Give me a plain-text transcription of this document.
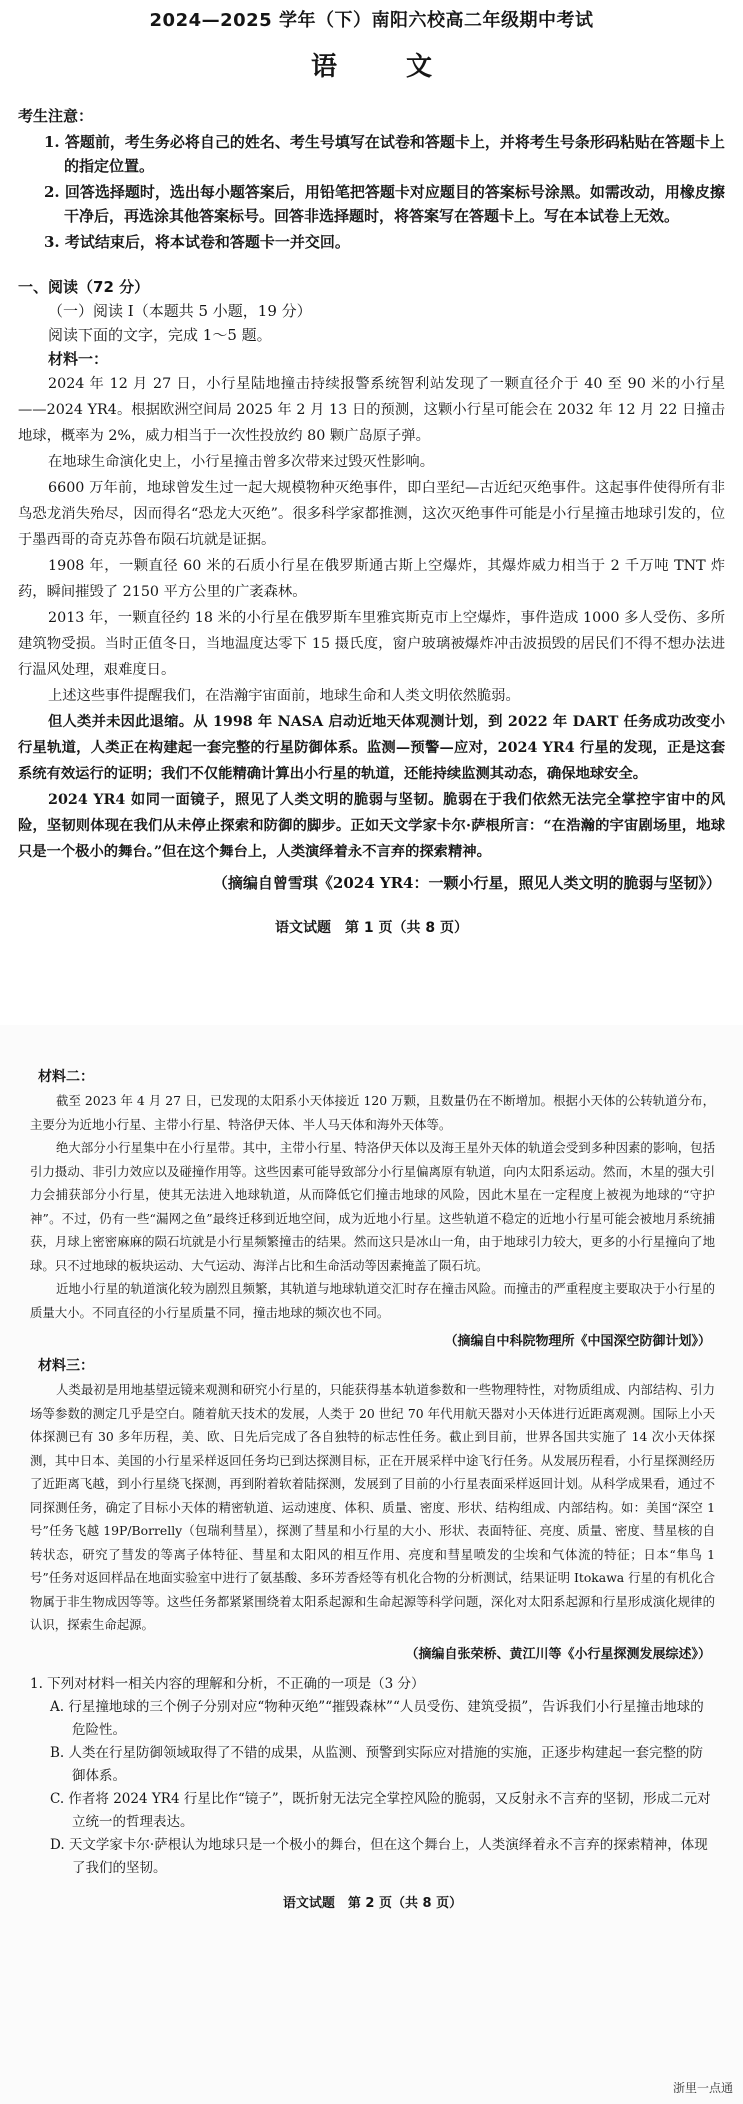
2024—2025 学年（下）南阳六校高二年级期中考试

语 文

考生注意：

1. 答题前，考生务必将自己的姓名、考生号填写在试卷和答题卡上，并将考生号条形码粘贴在答题卡上的指定位置。

2. 回答选择题时，选出每小题答案后，用铅笔把答题卡对应题目的答案标号涂黑。如需改动，用橡皮擦干净后，再选涂其他答案标号。回答非选择题时，将答案写在答题卡上。写在本试卷上无效。

3. 考试结束后，将本试卷和答题卡一并交回。

一、阅读（72 分）

（一）阅读 Ⅰ（本题共 5 小题，19 分）

阅读下面的文字，完成 1～5 题。

材料一：

2024 年 12 月 27 日，小行星陆地撞击持续报警系统智利站发现了一颗直径介于 40 至 90 米的小行星——2024 YR4。根据欧洲空间局 2025 年 2 月 13 日的预测，这颗小行星可能会在 2032 年 12 月 22 日撞击地球，概率为 2%，威力相当于一次性投放约 80 颗广岛原子弹。

在地球生命演化史上，小行星撞击曾多次带来过毁灭性影响。

6600 万年前，地球曾发生过一起大规模物种灭绝事件，即白垩纪—古近纪灭绝事件。这起事件使得所有非鸟恐龙消失殆尽，因而得名“恐龙大灭绝”。很多科学家都推测，这次灭绝事件可能是小行星撞击地球引发的，位于墨西哥的奇克苏鲁布陨石坑就是证据。

1908 年，一颗直径 60 米的石质小行星在俄罗斯通古斯上空爆炸，其爆炸威力相当于 2 千万吨 TNT 炸药，瞬间摧毁了 2150 平方公里的广袤森林。

2013 年，一颗直径约 18 米的小行星在俄罗斯车里雅宾斯克市上空爆炸，事件造成 1000 多人受伤、多所建筑物受损。当时正值冬日，当地温度达零下 15 摄氏度，窗户玻璃被爆炸冲击波损毁的居民们不得不想办法进行温风处理，艰难度日。

上述这些事件提醒我们，在浩瀚宇宙面前，地球生命和人类文明依然脆弱。

但人类并未因此退缩。从 1998 年 NASA 启动近地天体观测计划，到 2022 年 DART 任务成功改变小行星轨道，人类正在构建起一套完整的行星防御体系。监测—预警—应对，2024 YR4 行星的发现，正是这套系统有效运行的证明；我们不仅能精确计算出小行星的轨道，还能持续监测其动态，确保地球安全。

2024 YR4 如同一面镜子，照见了人类文明的脆弱与坚韧。脆弱在于我们依然无法完全掌控宇宙中的风险，坚韧则体现在我们从未停止探索和防御的脚步。正如天文学家卡尔·萨根所言：“在浩瀚的宇宙剧场里，地球只是一个极小的舞台。”但在这个舞台上，人类演绎着永不言弃的探索精神。

（摘编自曾雪琪《2024 YR4：一颗小行星，照见人类文明的脆弱与坚韧》）

语文试题　第 1 页（共 8 页）

材料二：

截至 2023 年 4 月 27 日，已发现的太阳系小天体接近 120 万颗，且数量仍在不断增加。根据小天体的公转轨道分布，主要分为近地小行星、主带小行星、特洛伊天体、半人马天体和海外天体等。

绝大部分小行星集中在小行星带。其中，主带小行星、特洛伊天体以及海王星外天体的轨道会受到多种因素的影响，包括引力摄动、非引力效应以及碰撞作用等。这些因素可能导致部分小行星偏离原有轨道，向内太阳系运动。然而，木星的强大引力会捕获部分小行星，使其无法进入地球轨道，从而降低它们撞击地球的风险，因此木星在一定程度上被视为地球的“守护神”。不过，仍有一些“漏网之鱼”最终迁移到近地空间，成为近地小行星。这些轨道不稳定的近地小行星可能会被地月系统捕获，月球上密密麻麻的陨石坑就是小行星频繁撞击的结果。然而这只是冰山一角，由于地球引力较大，更多的小行星撞向了地球。只不过地球的板块运动、大气运动、海洋占比和生命活动等因素掩盖了陨石坑。

近地小行星的轨道演化较为剧烈且频繁，其轨道与地球轨道交汇时存在撞击风险。而撞击的严重程度主要取决于小行星的质量大小。不同直径的小行星质量不同，撞击地球的频次也不同。

（摘编自中科院物理所《中国深空防御计划》）

材料三：

人类最初是用地基望远镜来观测和研究小行星的，只能获得基本轨道参数和一些物理特性，对物质组成、内部结构、引力场等参数的测定几乎是空白。随着航天技术的发展，人类于 20 世纪 70 年代用航天器对小天体进行近距离观测。国际上小天体探测已有 30 多年历程，美、欧、日先后完成了各自独特的标志性任务。截止到目前，世界各国共实施了 14 次小天体探测，其中日本、美国的小行星采样返回任务均已到达探测目标，正在开展采样中途飞行任务。从发展历程看，小行星探测经历了近距离飞越，到小行星绕飞探测，再到附着软着陆探测，发展到了目前的小行星表面采样返回计划。从科学成果看，通过不同探测任务，确定了目标小天体的精密轨道、运动速度、体积、质量、密度、形状、结构组成、内部结构。如：美国“深空 1 号”任务飞越 19P/Borrelly（包瑞利彗星），探测了彗星和小行星的大小、形状、表面特征、亮度、质量、密度、彗星核的自转状态，研究了彗发的等离子体特征、彗星和太阳风的相互作用、亮度和彗星喷发的尘埃和气体流的特征；日本“隼鸟 1 号”任务对返回样品在地面实验室中进行了氨基酸、多环芳香烃等有机化合物的分析测试，结果证明 Itokawa 行星的有机化合物属于非生物成因等等。这些任务都紧紧围绕着太阳系起源和生命起源等科学问题，深化对太阳系起源和行星形成演化规律的认识，探索生命起源。

（摘编自张荣桥、黄江川等《小行星探测发展综述》）

1. 下列对材料一相关内容的理解和分析，不正确的一项是（3 分）

A. 行星撞地球的三个例子分别对应“物种灭绝”“摧毁森林”“人员受伤、建筑受损”，告诉我们小行星撞击地球的危险性。

B. 人类在行星防御领域取得了不错的成果，从监测、预警到实际应对措施的实施，正逐步构建起一套完整的防御体系。

C. 作者将 2024 YR4 行星比作“镜子”，既折射无法完全掌控风险的脆弱，又反射永不言弃的坚韧，形成二元对立统一的哲理表达。

D. 天文学家卡尔·萨根认为地球只是一个极小的舞台，但在这个舞台上，人类演绎着永不言弃的探索精神，体现了我们的坚韧。

语文试题　第 2 页（共 8 页）

浙里一点通
